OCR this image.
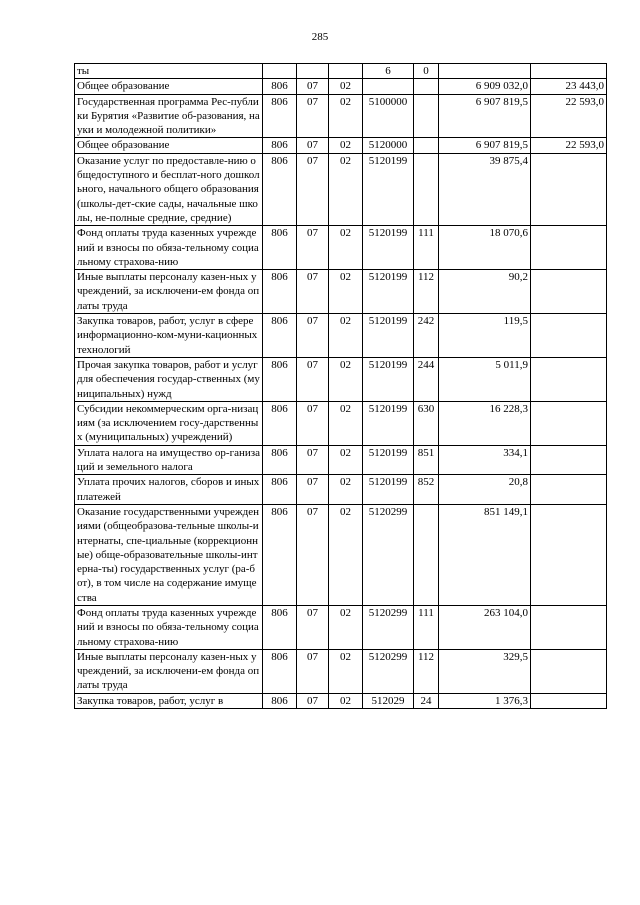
285
ты				6	0		
Общее образование	806	07	02			6 909 032,0	23 443,0
Государственная программа Рес-публики Бурятия «Развитие об-разования, науки и молодежной политики»	806	07	02	5100000		6 907 819,5	22 593,0
Общее образование	806	07	02	5120000		6 907 819,5	22 593,0
Оказание услуг по предоставле-нию общедоступного и бесплат-ного дошкольного, начального общего образования (школы-дет-ские сады, начальные школы, не-полные средние, средние)	806	07	02	5120199		39 875,4	
Фонд оплаты труда казенных учреждений и взносы по обяза-тельному социальному страхова-нию	806	07	02	5120199	111	18 070,6	
Иные выплаты персоналу казен-ных учреждений, за исключени-ем фонда оплаты труда	806	07	02	5120199	112	90,2	
Закупка товаров, работ, услуг в сфере информационно-ком-муни-кационных технологий	806	07	02	5120199	242	119,5	
Прочая закупка товаров, работ и услуг для обеспечения государ-ственных (муниципальных) нужд	806	07	02	5120199	244	5 011,9	
Субсидии некоммерческим орга-низациям (за исключением госу-дарственных (муниципальных) учреждений)	806	07	02	5120199	630	16 228,3	
Уплата налога на имущество ор-ганизаций и земельного налога	806	07	02	5120199	851	334,1	
Уплата прочих налогов, сборов и иных платежей	806	07	02	5120199	852	20,8	
Оказание государственными учреждениями (общеобразова-тельные школы-интернаты, спе-циальные (коррекционные) обще-образовательные школы-интерна-ты) государственных услуг (ра-бот), в том числе на содержание имущества	806	07	02	5120299		851 149,1	
Фонд оплаты труда казенных учреждений и взносы по обяза-тельному социальному страхова-нию	806	07	02	5120299	111	263 104,0	
Иные выплаты персоналу казен-ных учреждений, за исключени-ем фонда оплаты труда	806	07	02	5120299	112	329,5	
Закупка товаров, работ, услуг в	806	07	02	512029	24	1 376,3	
